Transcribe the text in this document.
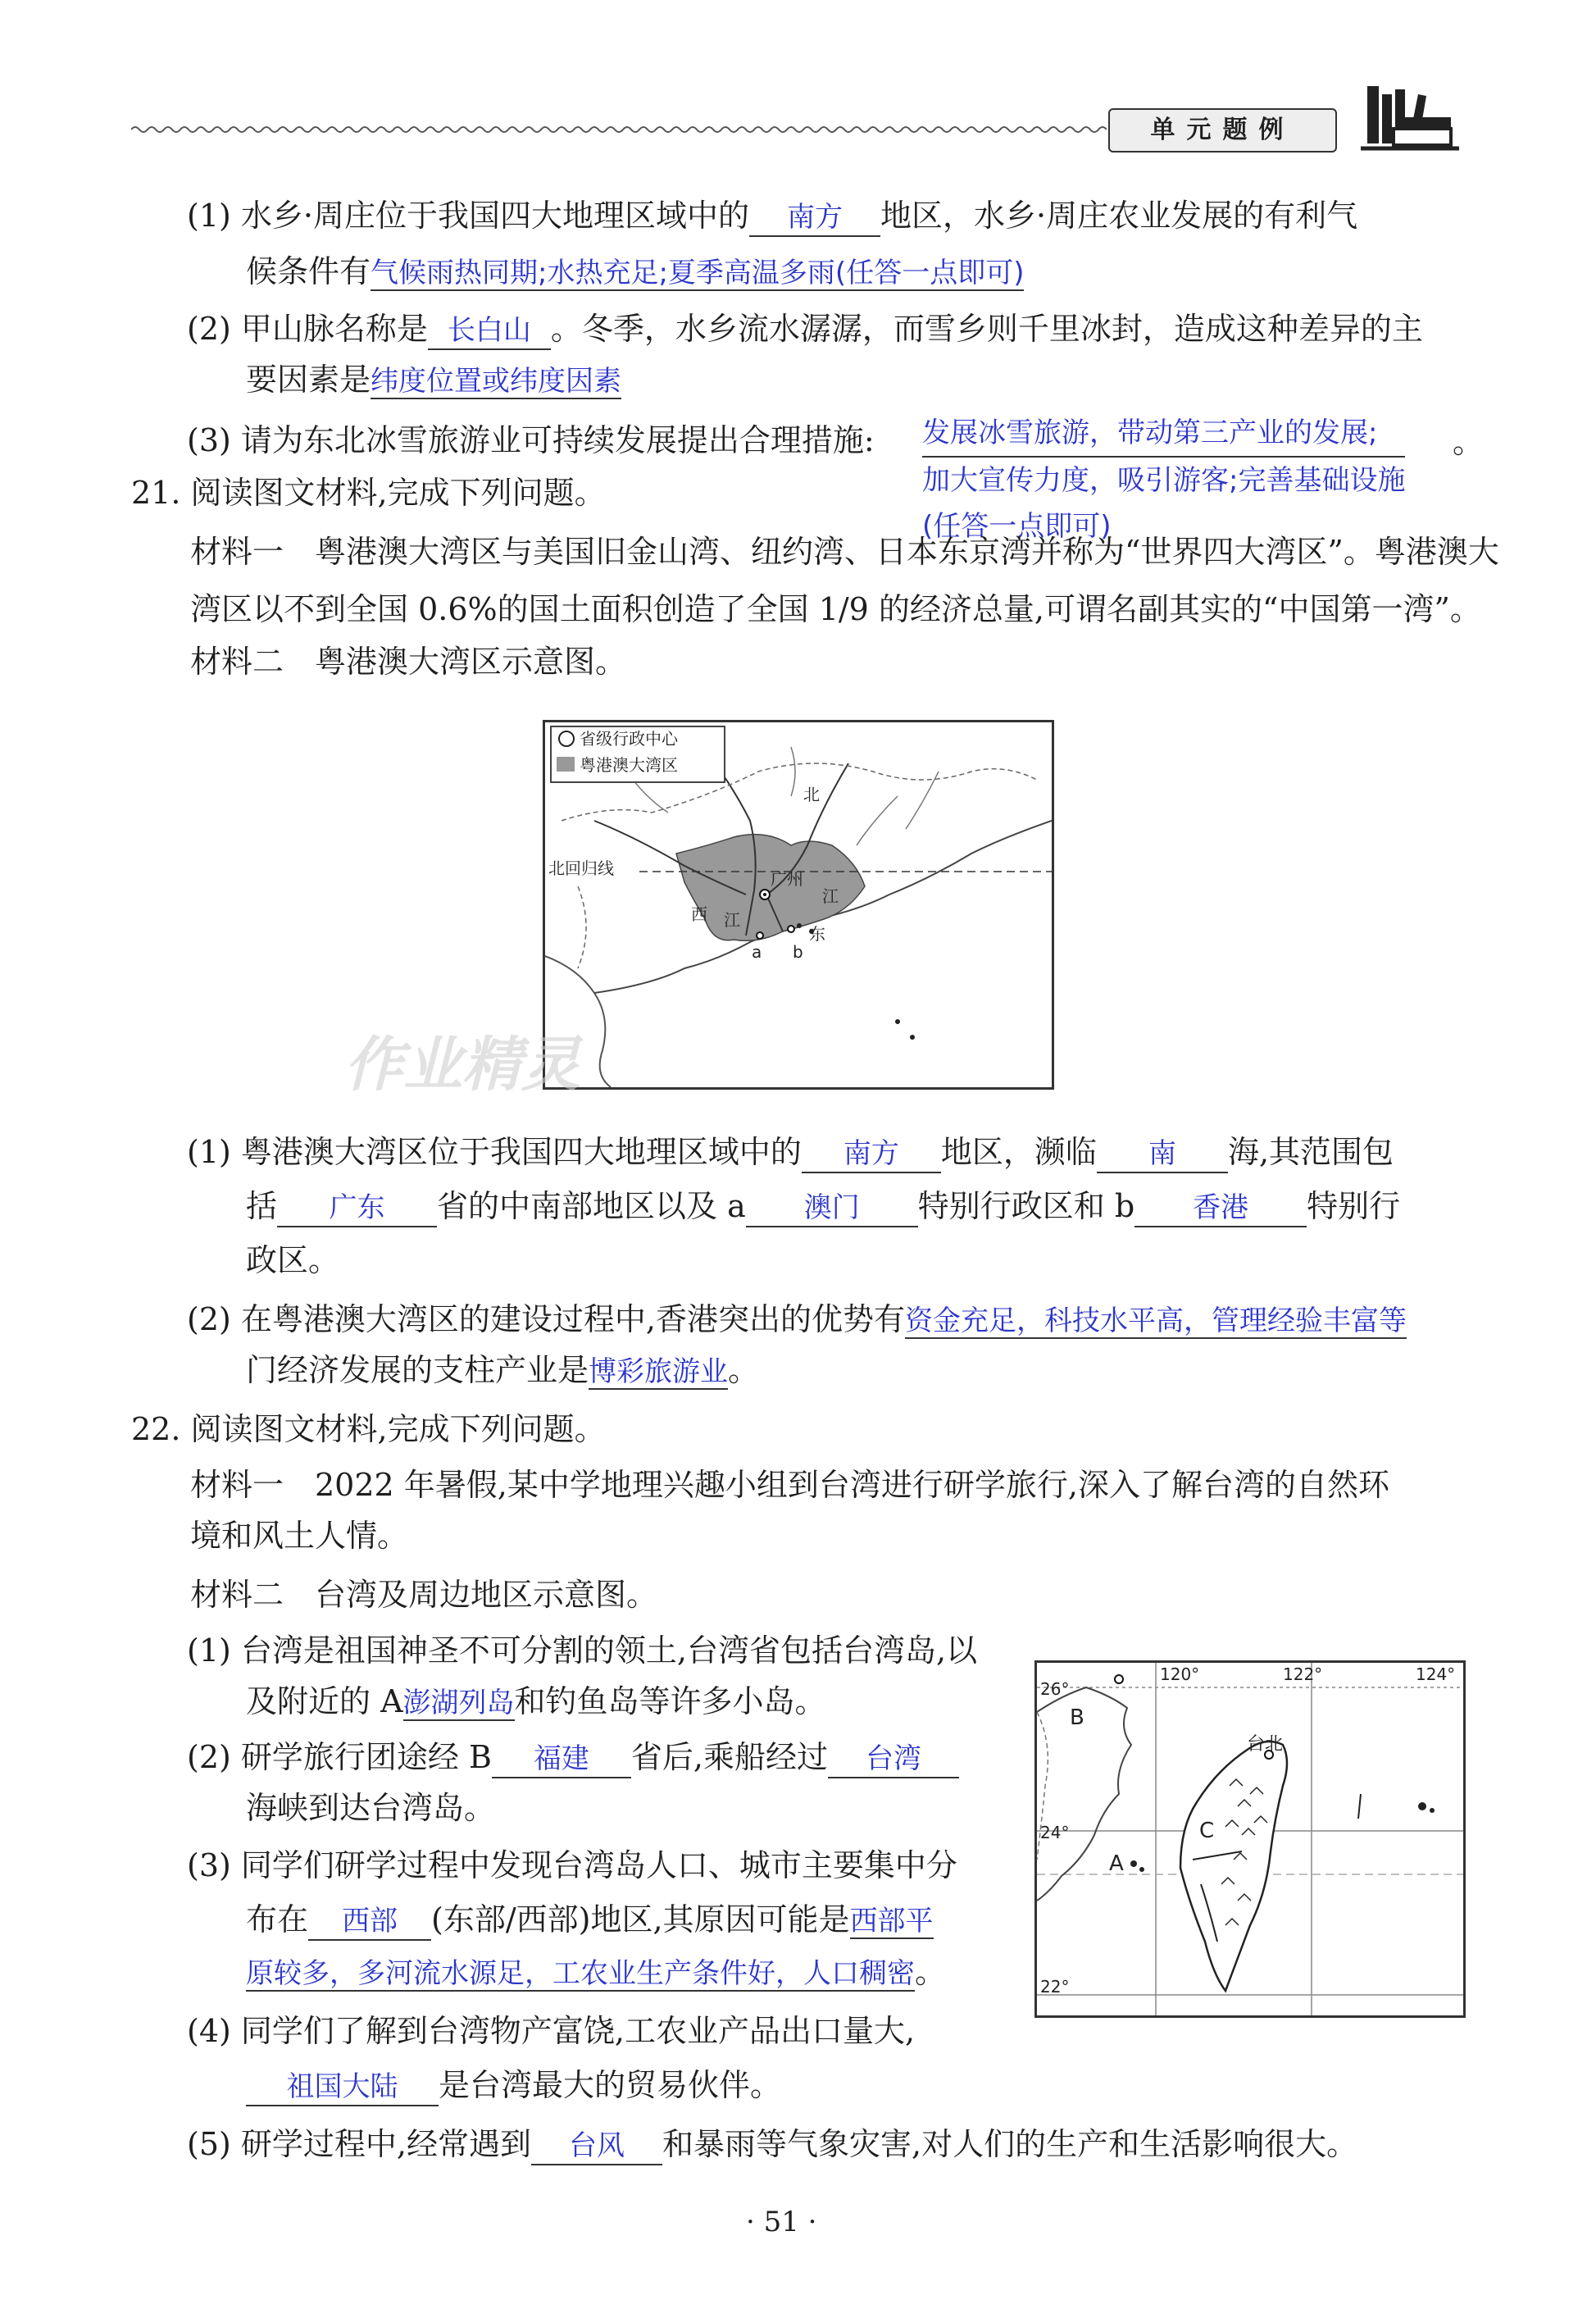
单元题例
(1) 水乡·周庄位于我国四大地理区域中的 南方 地区，水乡·周庄农业发展的有利气
候条件有气候雨热同期;水热充足;夏季高温多雨(任答一点即可)
(2) 甲山脉名称是 长白山 。冬季，水乡流水潺潺，而雪乡则千里冰封，造成这种差异的主
要因素是纬度位置或纬度因素
(3) 请为东北冰雪旅游业可持续发展提出合理措施: 发展冰雪旅游，带动第三产业的发展;
加大宣传力度，吸引游客;完善基础设施
(任答一点即可)
。
21. 阅读图文材料,完成下列问题。
材料一　粤港澳大湾区与美国旧金山湾、纽约湾、日本东京湾并称为“世界四大湾区”。粤港澳大
湾区以不到全国 0.6%的国土面积创造了全国 1/9 的经济总量,可谓名副其实的“中国第一湾”。
材料二　粤港澳大湾区示意图。
省级行政中心
粤港澳大湾区
北回归线
北
西 江
江
东
广州
a b
作业精灵
(1) 粤港澳大湾区位于我国四大地理区域中的 南方 地区，濒临 南 海,其范围包
括 广东 省的中南部地区以及 a 澳门 特别行政区和 b 香港 特别行
政区。
(2) 在粤港澳大湾区的建设过程中,香港突出的优势有资金充足，科技水平高，管理经验丰富等
门经济发展的支柱产业是博彩旅游业。
22. 阅读图文材料,完成下列问题。
材料一　2022 年暑假,某中学地理兴趣小组到台湾进行研学旅行,深入了解台湾的自然环
境和风土人情。
材料二　台湾及周边地区示意图。
120°	122°	124°
26°
24°
22°
B
A
C
台北
(1) 台湾是祖国神圣不可分割的领土,台湾省包括台湾岛,以
及附近的 A澎湖列岛和钓鱼岛等许多小岛。
(2) 研学旅行团途经 B 福建 省后,乘船经过 台湾
海峡到达台湾岛。
(3) 同学们研学过程中发现台湾岛人口、城市主要集中分
布在 西部 (东部/西部)地区,其原因可能是西部平
原较多，多河流水源足，工农业生产条件好，人口稠密。
(4) 同学们了解到台湾物产富饶,工农业产品出口量大,
祖国大陆 是台湾最大的贸易伙伴。
(5) 研学过程中,经常遇到 台风 和暴雨等气象灾害,对人们的生产和生活影响很大。
· 51 ·
